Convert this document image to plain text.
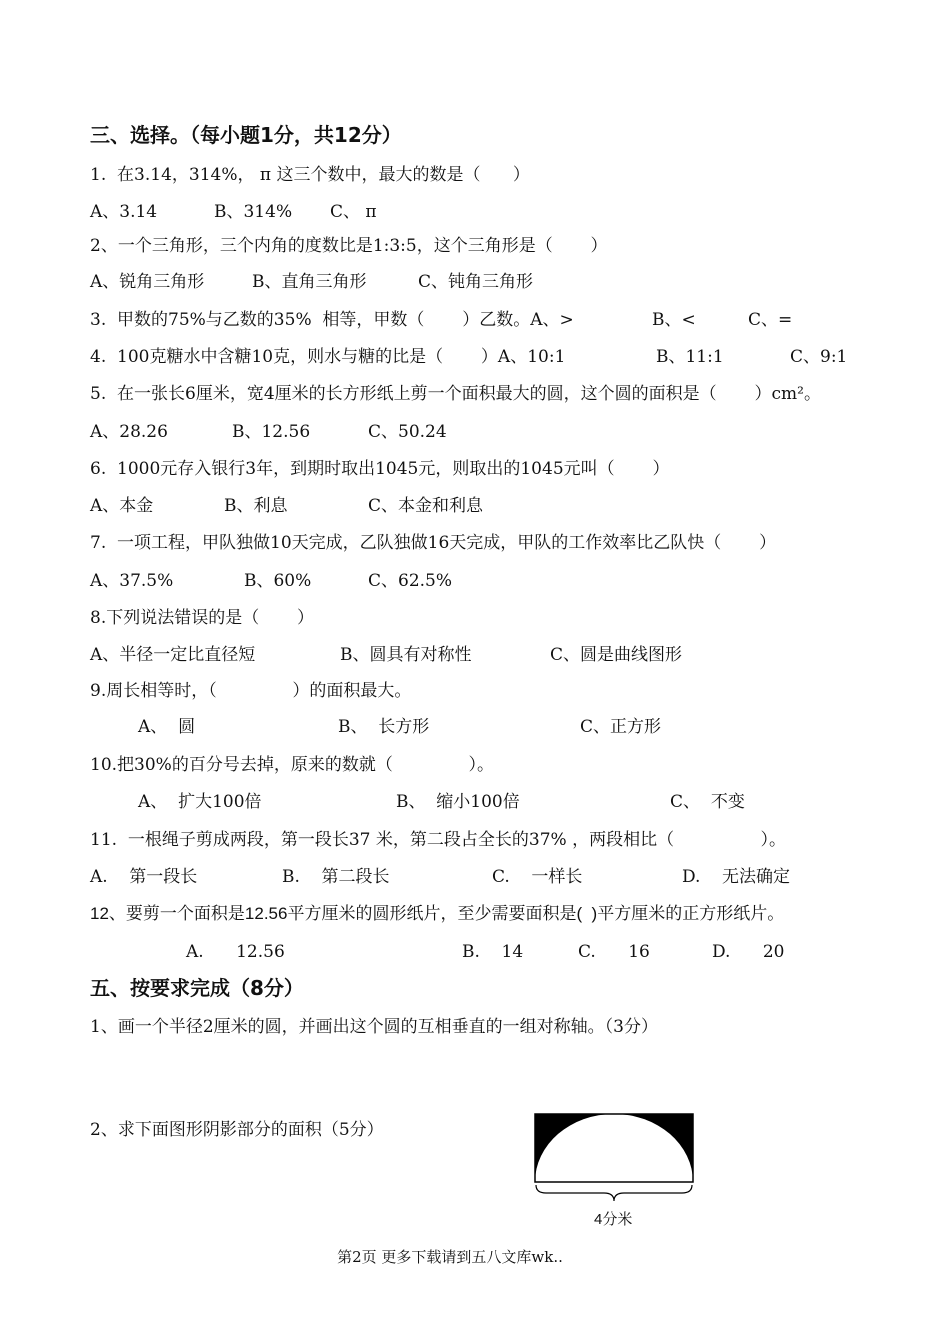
三、选择。（每小题1分，共12分）
1.  在3.14，314%， π 这三个数中，最大的数是（      ）
A、3.14	B、314% C、 π
2、一个三角形，三个内角的度数比是1:3:5，这个三角形是（       ）
A、锐角三角形	B、直角三角形	C、钝角三角形
3.  甲数的75%与乙数的35%  相等，甲数（       ）乙数。A、>	B、<	C、=
4.  100克糖水中含糖10克，则水与糖的比是（       ）A、10:1	B、11:1	C、9:1
5.  在一张长6厘米，宽4厘米的长方形纸上剪一个面积最大的圆，这个圆的面积是（       ）cm²。
A、28.26	B、12.56	C、50.24
6.  1000元存入银行3年，到期时取出1045元，则取出的1045元叫（       ）
A、本金	B、利息	C、本金和利息
7.  一项工程，甲队独做10天完成，乙队独做16天完成，甲队的工作效率比乙队快（       ）
A、37.5%	B、60%	C、62.5%
8.下列说法错误的是（       ）
A、半径一定比直径短	B、圆具有对称性	C、圆是曲线图形
9.周长相等时，（              ）的面积最大。
A、  圆	B、  长方形	C、正方形
10.把30%的百分号去掉，原来的数就（              ）。
A、  扩大100倍	B、  缩小100倍	C、  不变
11.  一根绳子剪成两段，第一段长37 米，第二段占全长的37% ，两段相比（                ）。
A.    第一段长	B.    第二段长	C.    一样长	D.    无法确定
12、要剪一个面积是12.56平方厘米的圆形纸片，至少需要面积是(  )平方厘米的正方形纸片。
A.      12.56	B.    14	C.      16	D.      20
五、按要求完成（8分）
1、画一个半径2厘米的圆，并画出这个圆的互相垂直的一组对称轴。（3分）
2、求下面图形阴影部分的面积（5分）
4分米
第2页 更多下载请到五八文库wk..
